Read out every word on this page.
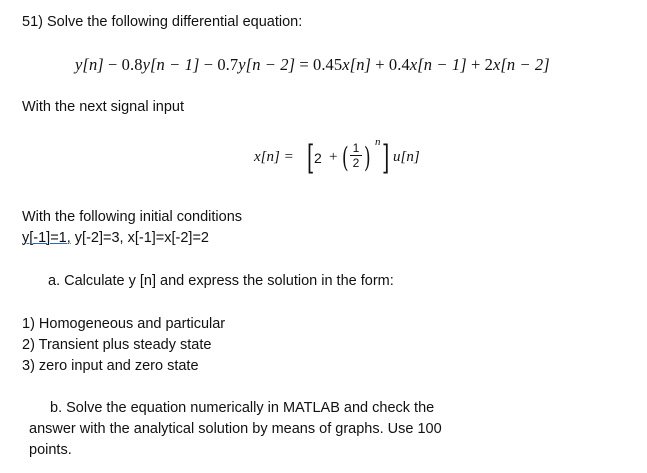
51) Solve the following differential equation:
y[n] − 0.8y[n − 1] − 0.7y[n − 2] = 0.45x[n] + 0.4x[n − 1] + 2x[n − 2]
With the next signal input
x[n] = [ 2 + ( 1
2 ) n ] u[n]
With the following initial conditions
y[-1]=1, y[-2]=3, x[-1]=x[-2]=2
a. Calculate y [n] and express the solution in the form:
1) Homogeneous and particular
2) Transient plus steady state
3) zero input and zero state
b. Solve the equation numerically in MATLAB and check the
answer with the analytical solution by means of graphs. Use 100
points.
